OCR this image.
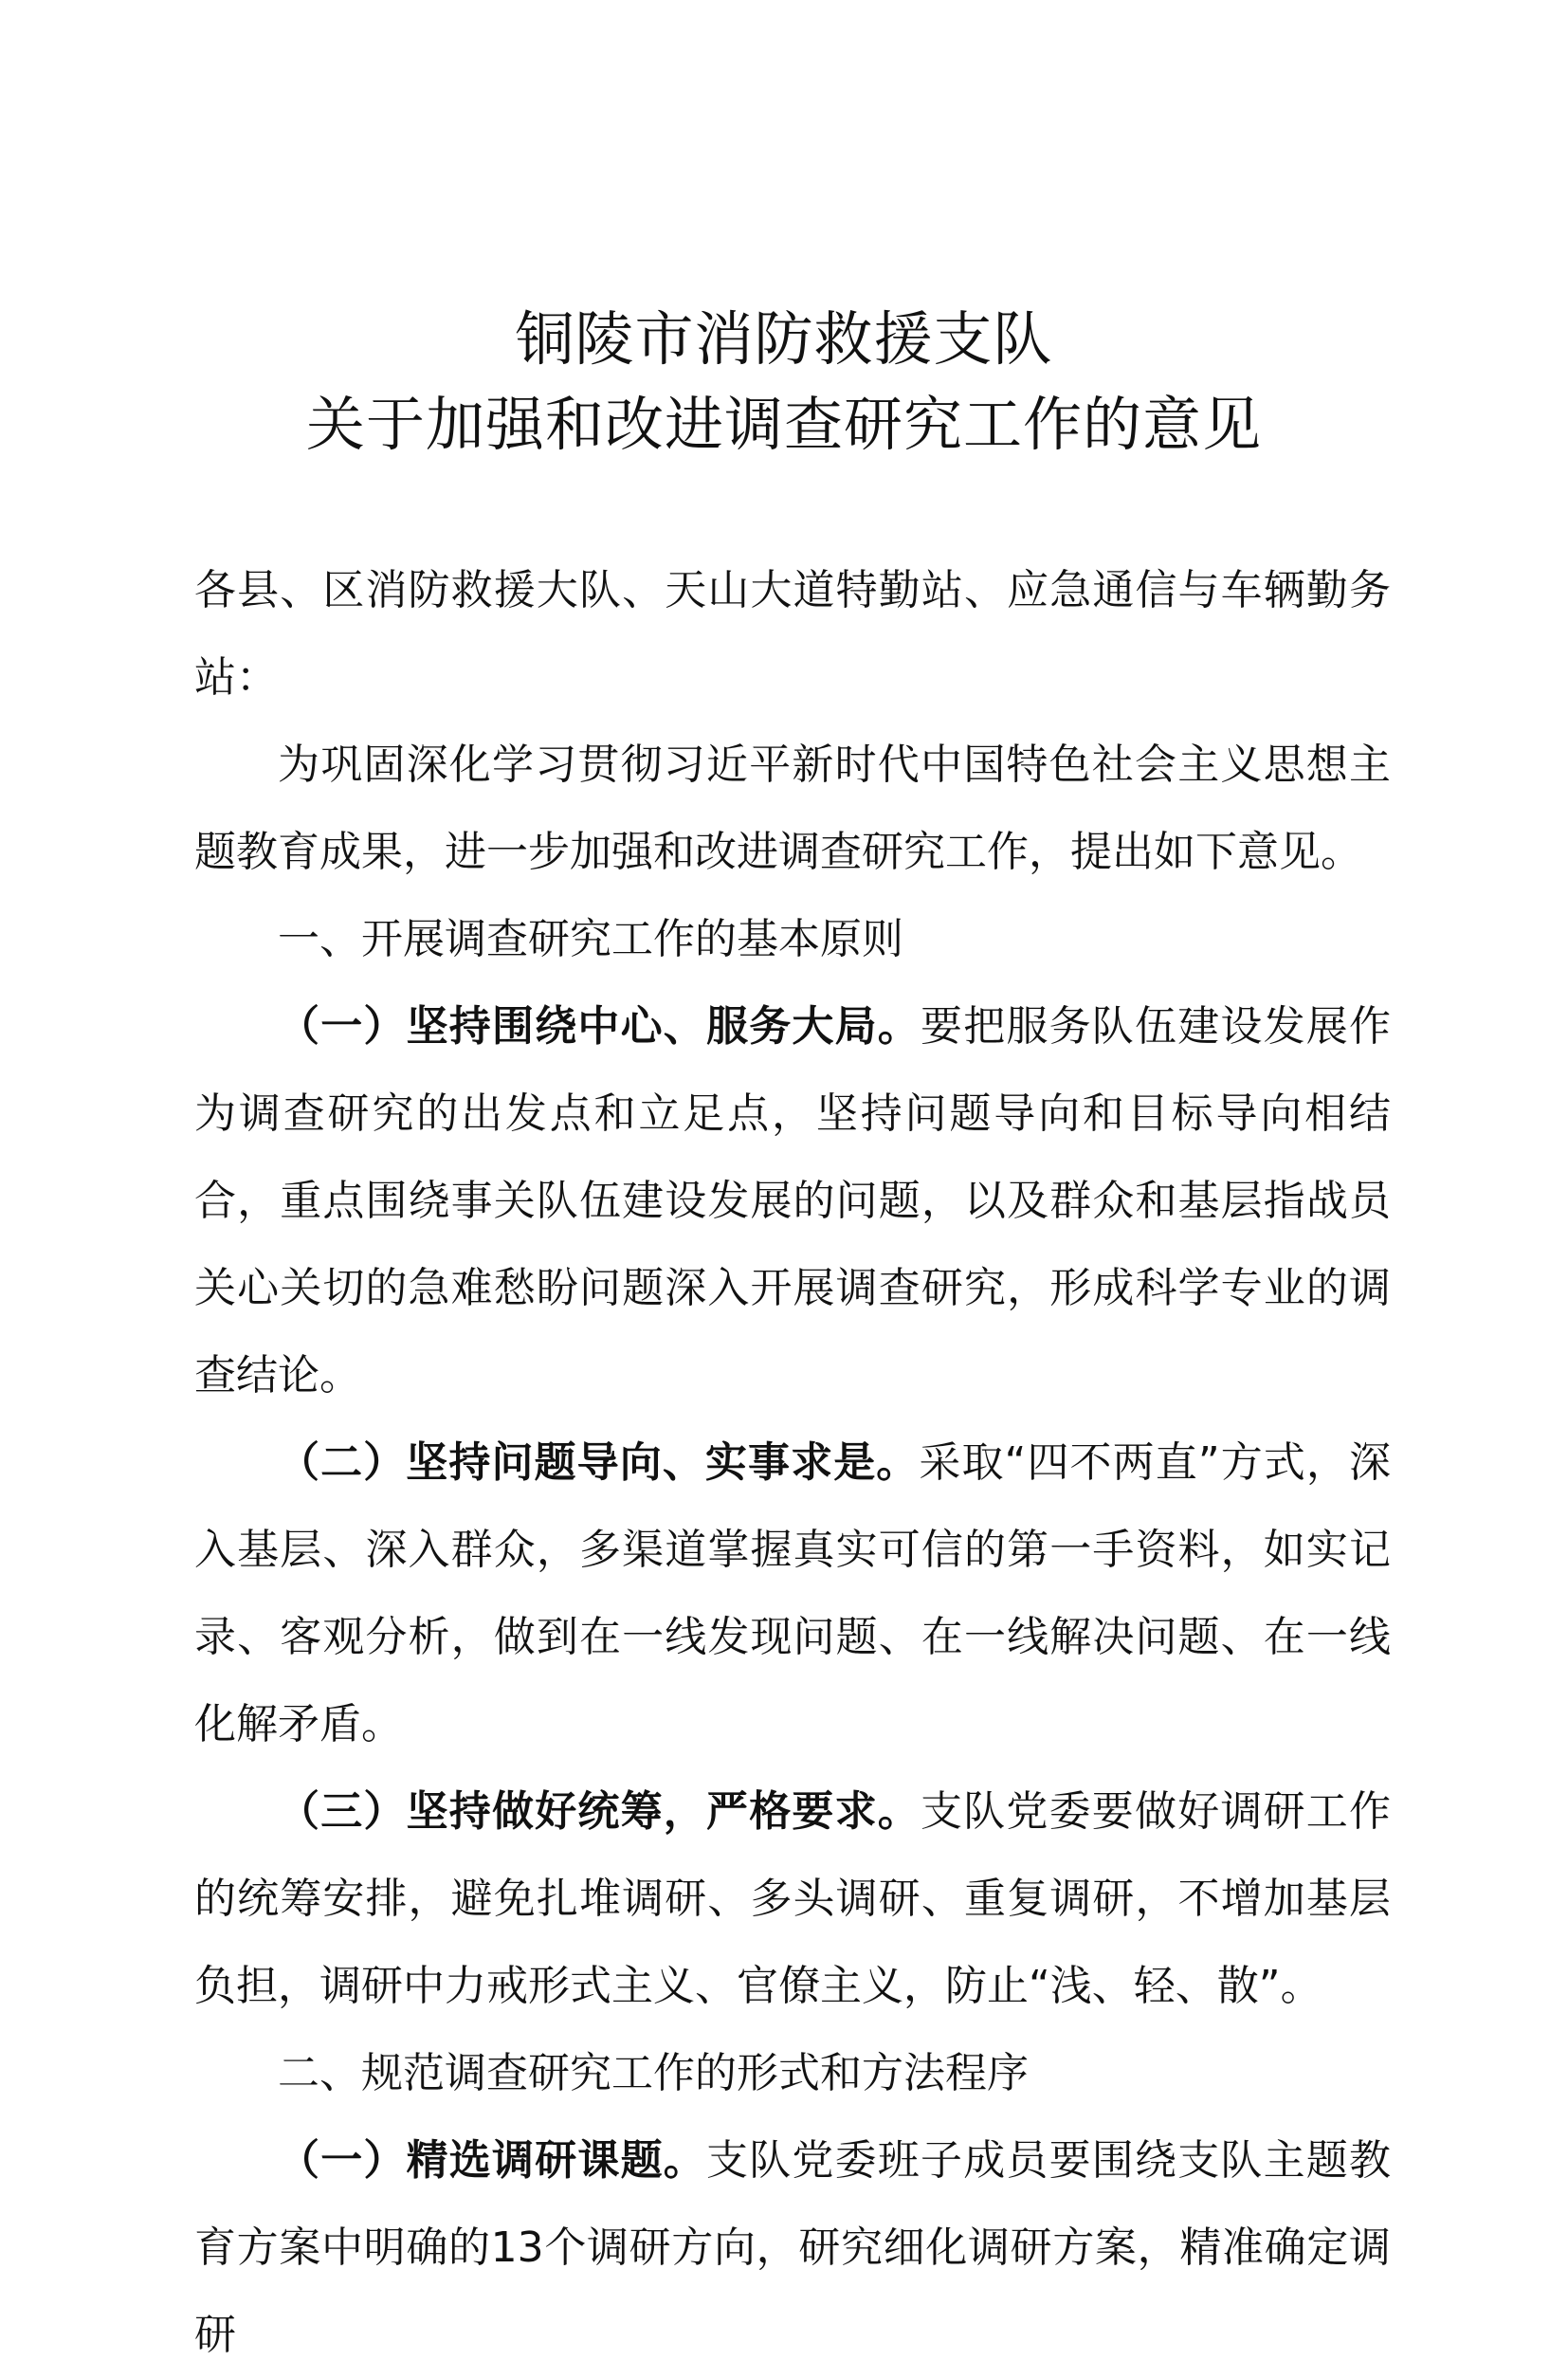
铜陵市消防救援支队
关于加强和改进调查研究工作的意见

各县、区消防救援大队、天山大道特勤站、应急通信与车辆勤务站：

为巩固深化学习贯彻习近平新时代中国特色社会主义思想主题教育成果，进一步加强和改进调查研究工作，提出如下意见。

一、开展调查研究工作的基本原则

（一）坚持围绕中心、服务大局。要把服务队伍建设发展作为调查研究的出发点和立足点，坚持问题导向和目标导向相结合，重点围绕事关队伍建设发展的问题，以及群众和基层指战员关心关切的急难愁盼问题深入开展调查研究，形成科学专业的调查结论。

（二）坚持问题导向、实事求是。采取“四不两直”方式，深入基层、深入群众，多渠道掌握真实可信的第一手资料，如实记录、客观分析，做到在一线发现问题、在一线解决问题、在一线化解矛盾。

（三）坚持做好统筹，严格要求。支队党委要做好调研工作的统筹安排，避免扎堆调研、多头调研、重复调研，不增加基层负担，调研中力戒形式主义、官僚主义，防止“浅、轻、散”。

二、规范调查研究工作的形式和方法程序

（一）精选调研课题。支队党委班子成员要围绕支队主题教育方案中明确的13个调研方向，研究细化调研方案，精准确定调研
